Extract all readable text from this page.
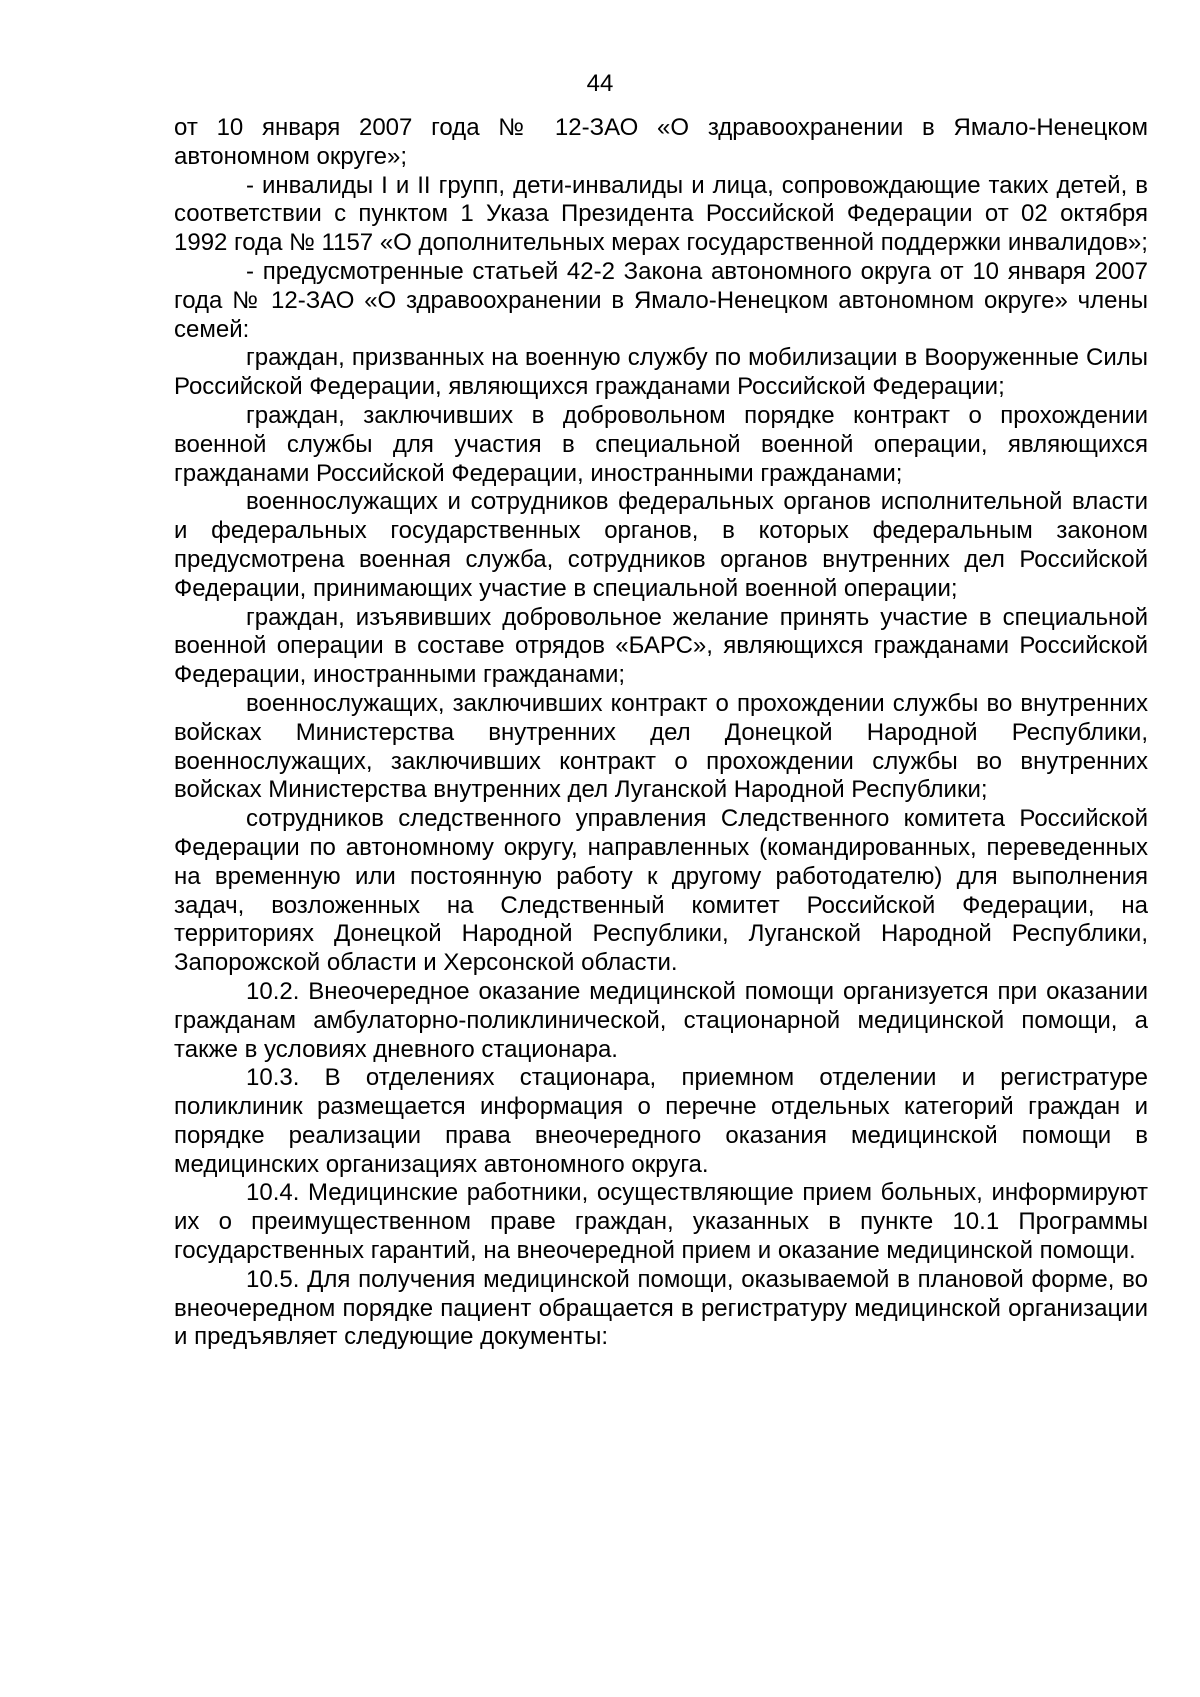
44

от 10 января 2007 года № 12-ЗАО «О здравоохранении в Ямало-Ненецком автономном округе»;

- инвалиды I и II групп, дети-инвалиды и лица, сопровождающие таких детей, в соответствии с пунктом 1 Указа Президента Российской Федерации от 02 октября 1992 года № 1157 «О дополнительных мерах государственной поддержки инвалидов»;

- предусмотренные статьей 42-2 Закона автономного округа от 10 января 2007 года № 12-ЗАО «О здравоохранении в Ямало-Ненецком автономном округе» члены семей:

граждан, призванных на военную службу по мобилизации в Вооруженные Силы Российской Федерации, являющихся гражданами Российской Федерации;

граждан, заключивших в добровольном порядке контракт о прохождении военной службы для участия в специальной военной операции, являющихся гражданами Российской Федерации, иностранными гражданами;

военнослужащих и сотрудников федеральных органов исполнительной власти и федеральных государственных органов, в которых федеральным законом предусмотрена военная служба, сотрудников органов внутренних дел Российской Федерации, принимающих участие в специальной военной операции;

граждан, изъявивших добровольное желание принять участие в специальной военной операции в составе отрядов «БАРС», являющихся гражданами Российской Федерации, иностранными гражданами;

военнослужащих, заключивших контракт о прохождении службы во внутренних войсках Министерства внутренних дел Донецкой Народной Республики, военнослужащих, заключивших контракт о прохождении службы во внутренних войсках Министерства внутренних дел Луганской Народной Республики;

сотрудников следственного управления Следственного комитета Российской Федерации по автономному округу, направленных (командированных, переведенных на временную или постоянную работу к другому работодателю) для выполнения задач, возложенных на Следственный комитет Российской Федерации, на территориях Донецкой Народной Республики, Луганской Народной Республики, Запорожской области и Херсонской области.

10.2. Внеочередное оказание медицинской помощи организуется при оказании гражданам амбулаторно-поликлинической, стационарной медицинской помощи, а также в условиях дневного стационара.

10.3. В отделениях стационара, приемном отделении и регистратуре поликлиник размещается информация о перечне отдельных категорий граждан и порядке реализации права внеочередного оказания медицинской помощи в медицинских организациях автономного округа.

10.4. Медицинские работники, осуществляющие прием больных, информируют их о преимущественном праве граждан, указанных в пункте 10.1 Программы государственных гарантий, на внеочередной прием и оказание медицинской помощи.

10.5. Для получения медицинской помощи, оказываемой в плановой форме, во внеочередном порядке пациент обращается в регистратуру медицинской организации и предъявляет следующие документы:
